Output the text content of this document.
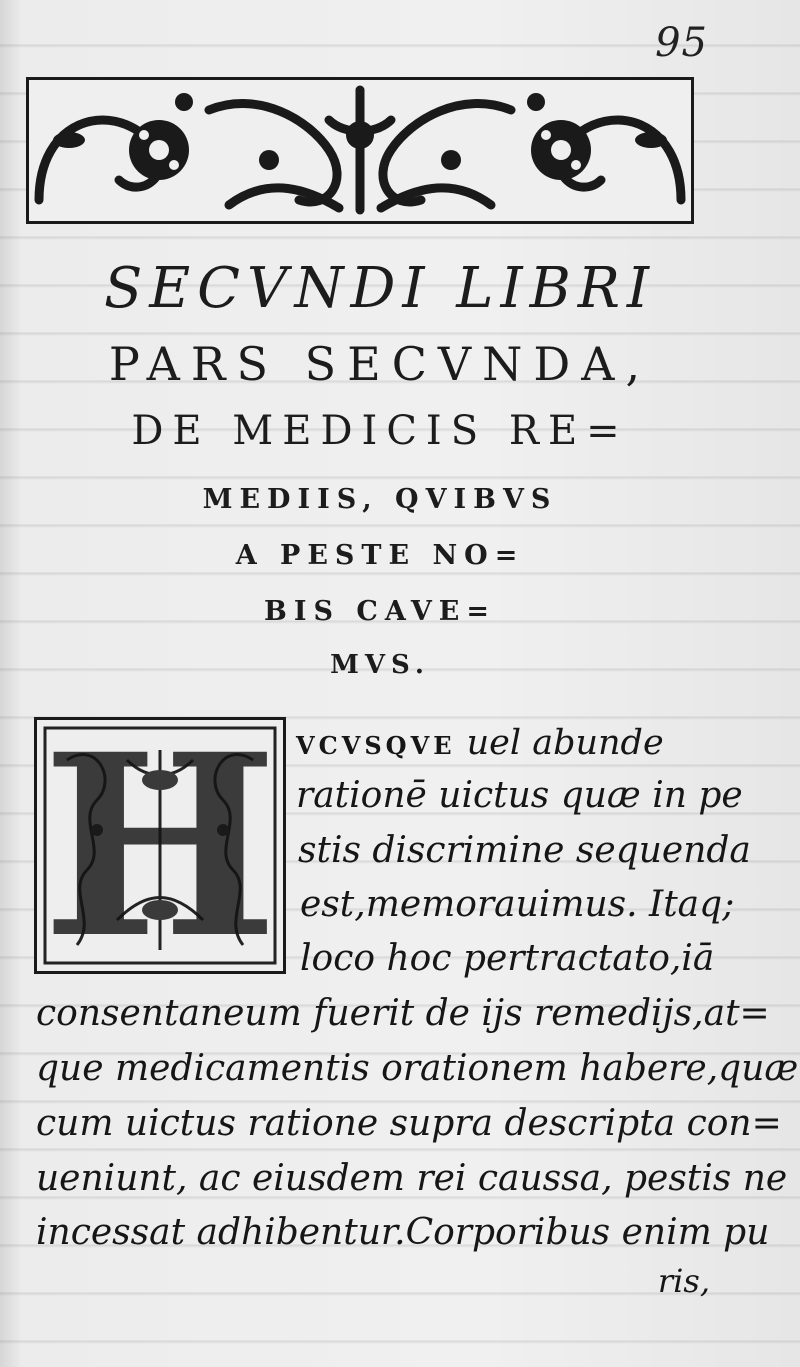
95
SECVNDI LIBRI
PARS SECVNDA,
DE MEDICIS RE=
MEDIIS, QVIBVS
A PESTE NO=
BIS CAVE=
MVS.
H VCVSQVE uel abunde
rationē uictus quæ in pe
stis discrimine sequenda
est,memorauimus. Itaq;
loco hoc pertractato,iā
consentaneum fuerit de ijs remedijs,at=
que medicamentis orationem habere,quæ
cum uictus ratione supra descripta con=
ueniunt, ac eiusdem rei caussa, pestis ne
incessat adhibentur.Corporibus enim pu
ris,
